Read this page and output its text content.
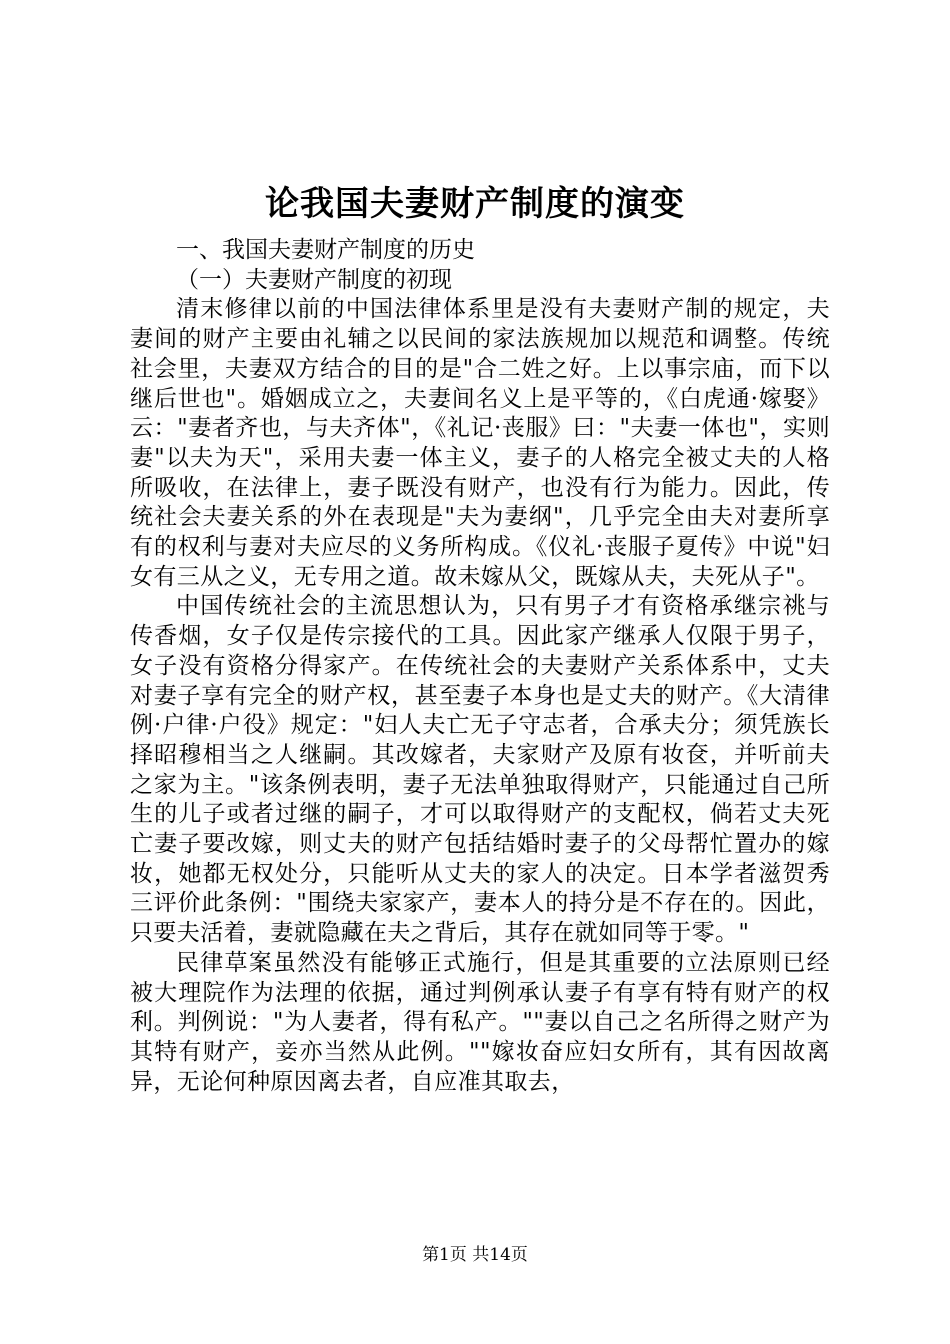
论我国夫妻财产制度的演变

一、我国夫妻财产制度的历史

（一）夫妻财产制度的初现

清末修律以前的中国法律体系里是没有夫妻财产制的规定，夫妻间的财产主要由礼辅之以民间的家法族规加以规范和调整。传统社会里，夫妻双方结合的目的是"合二姓之好。上以事宗庙，而下以继后世也"。婚姻成立之，夫妻间名义上是平等的，《白虎通·嫁娶》云："妻者齐也，与夫齐体"，《礼记·丧服》曰："夫妻一体也"，实则妻"以夫为天"，采用夫妻一体主义，妻子的人格完全被丈夫的人格所吸收，在法律上，妻子既没有财产，也没有行为能力。因此，传统社会夫妻关系的外在表现是"夫为妻纲"，几乎完全由夫对妻所享有的权利与妻对夫应尽的义务所构成。《仪礼·丧服子夏传》中说"妇女有三从之义，无专用之道。故未嫁从父，既嫁从夫，夫死从子"。

中国传统社会的主流思想认为，只有男子才有资格承继宗祧与传香烟，女子仅是传宗接代的工具。因此家产继承人仅限于男子，女子没有资格分得家产。在传统社会的夫妻财产关系体系中，丈夫对妻子享有完全的财产权，甚至妻子本身也是丈夫的财产。《大清律例·户律·户役》规定："妇人夫亡无子守志者，合承夫分；须凭族长择昭穆相当之人继嗣。其改嫁者，夫家财产及原有妆奁，并听前夫之家为主。"该条例表明，妻子无法单独取得财产，只能通过自己所生的儿子或者过继的嗣子，才可以取得财产的支配权，倘若丈夫死亡妻子要改嫁，则丈夫的财产包括结婚时妻子的父母帮忙置办的嫁妆，她都无权处分，只能听从丈夫的家人的决定。日本学者滋贺秀三评价此条例："围绕夫家家产，妻本人的持分是不存在的。因此，只要夫活着，妻就隐藏在夫之背后，其存在就如同等于零。"

民律草案虽然没有能够正式施行，但是其重要的立法原则已经被大理院作为法理的依据，通过判例承认妻子有享有特有财产的权利。判例说："为人妻者，得有私产。""妻以自己之名所得之财产为其特有财产，妾亦当然从此例。""嫁妆奋应妇女所有，其有因故离异，无论何种原因离去者，自应准其取去，

第1页 共14页
